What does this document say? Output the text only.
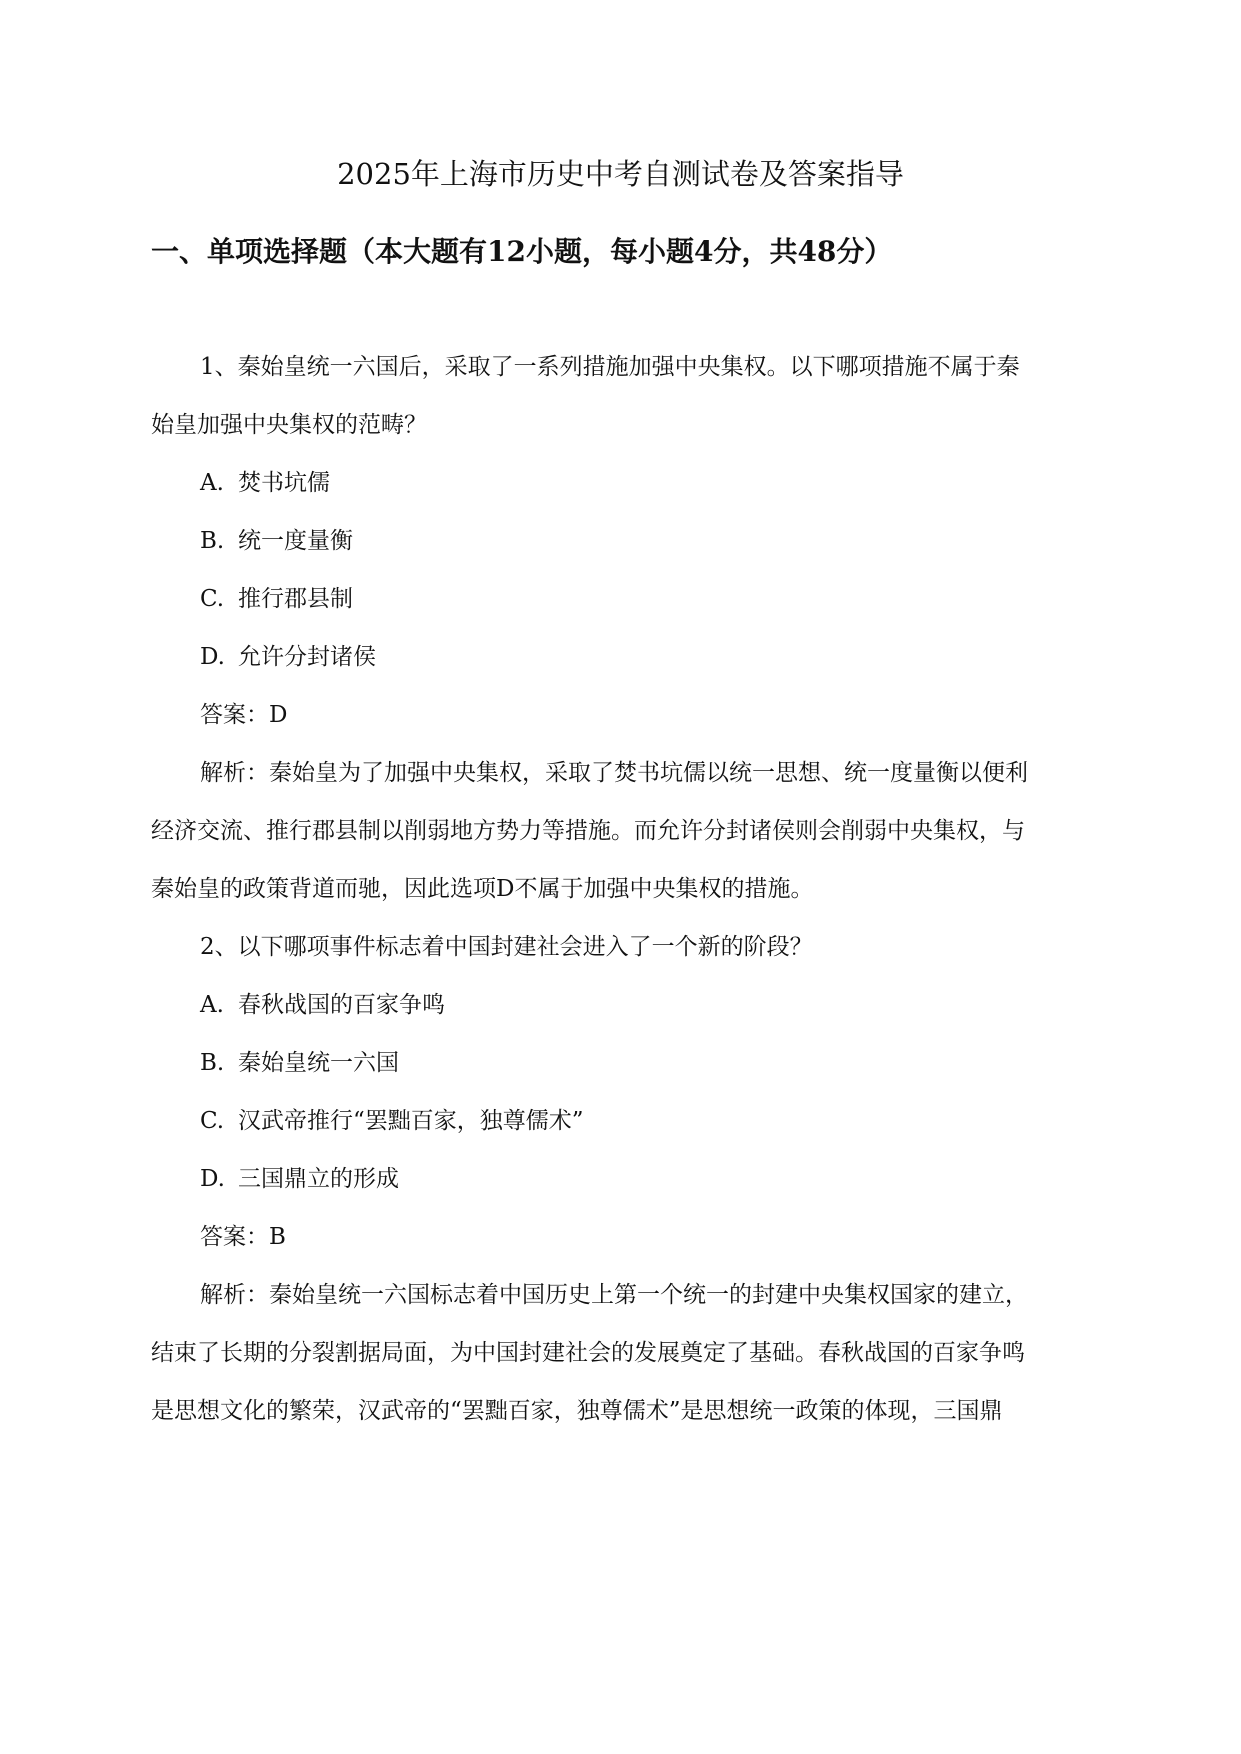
2025年上海市历史中考自测试卷及答案指导
一、单项选择题（本大题有12小题，每小题4分，共48分）

1、秦始皇统一六国后，采取了一系列措施加强中央集权。以下哪项措施不属于秦

始皇加强中央集权的范畴？

A. 焚书坑儒

B. 统一度量衡

C. 推行郡县制

D. 允许分封诸侯

答案：D

解析：秦始皇为了加强中央集权，采取了焚书坑儒以统一思想、统一度量衡以便利

经济交流、推行郡县制以削弱地方势力等措施。而允许分封诸侯则会削弱中央集权，与

秦始皇的政策背道而驰，因此选项D不属于加强中央集权的措施。

2、以下哪项事件标志着中国封建社会进入了一个新的阶段？

A. 春秋战国的百家争鸣

B. 秦始皇统一六国

C. 汉武帝推行“罢黜百家，独尊儒术”

D. 三国鼎立的形成

答案：B

解析：秦始皇统一六国标志着中国历史上第一个统一的封建中央集权国家的建立，

结束了长期的分裂割据局面，为中国封建社会的发展奠定了基础。春秋战国的百家争鸣

是思想文化的繁荣，汉武帝的“罢黜百家，独尊儒术”是思想统一政策的体现，三国鼎
